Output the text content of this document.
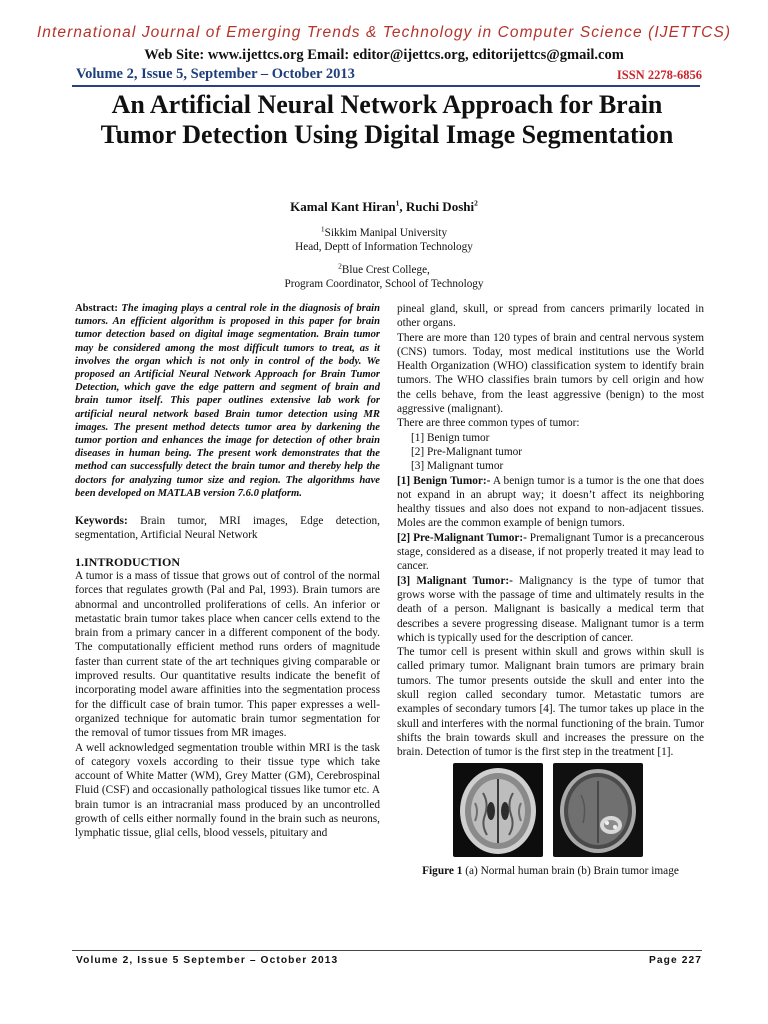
International Journal of Emerging Trends & Technology in Computer Science (IJETTCS)
Web Site: www.ijettcs.org Email: editor@ijettcs.org, editorijettcs@gmail.com
Volume 2, Issue 5, September – October 2013	ISSN 2278-6856
An Artificial Neural Network Approach for Brain Tumor Detection Using Digital Image Segmentation
Kamal Kant Hiran$^1$, Ruchi Doshi$^2$
$^1$Sikkim Manipal University
Head, Deptt of Information Technology
$^2$Blue Crest College,
Program Coordinator, School of Technology

Abstract: The imaging plays a central role in the diagnosis of brain tumors. An efficient algorithm is proposed in this paper for brain tumor detection based on digital image segmentation. Brain tumor may be considered among the most difficult tumors to treat, as it involves the organ which is not only in control of the body. We proposed an Artificial Neural Network Approach for Brain Tumor Detection, which gave the edge pattern and segment of brain and brain tumor itself. This paper outlines extensive lab work for artificial neural network based Brain tumor detection using MR images. The present method detects tumor area by darkening the tumor portion and enhances the image for detection of other brain diseases in human being. The present work demonstrates that the method can successfully detect the brain tumor and thereby help the doctors for analyzing tumor size and region. The algorithms have been developed on MATLAB version 7.6.0 platform.

Keywords: Brain tumor, MRI images, Edge detection, segmentation, Artificial Neural Network

1.INTRODUCTION

A tumor is a mass of tissue that grows out of control of the normal forces that regulates growth (Pal and Pal, 1993). Brain tumors are abnormal and uncontrolled proliferations of cells. An inferior or metastatic brain tumor takes place when cancer cells extend to the brain from a primary cancer in a different component of the body. The computationally efficient method runs orders of magnitude faster than current state of the art techniques giving comparable or improved results. Our quantitative results indicate the benefit of incorporating model aware affinities into the segmentation process for the difficult case of brain tumor. This paper expresses a well-organized technique for automatic brain tumor segmentation for the removal of tumor tissues from MR images.

A well acknowledged segmentation trouble within MRI is the task of category voxels according to their tissue type which take account of White Matter (WM), Grey Matter (GM), Cerebrospinal Fluid (CSF) and occasionally pathological tissues like tumor etc. A brain tumor is an intracranial mass produced by an uncontrolled growth of cells either normally found in the brain such as neurons, lymphatic tissue, glial cells, blood vessels, pituitary and

pineal gland, skull, or spread from cancers primarily located in other organs.

There are more than 120 types of brain and central nervous system (CNS) tumors. Today, most medical institutions use the World Health Organization (WHO) classification system to identify brain tumors. The WHO classifies brain tumors by cell origin and how the cells behave, from the least aggressive (benign) to the most aggressive (malignant).

There are three common types of tumor:

[1] Benign tumor
[2] Pre-Malignant tumor
[3] Malignant tumor

[1] Benign Tumor:- A benign tumor is a tumor is the one that does not expand in an abrupt way; it doesn’t affect its neighboring healthy tissues and also does not expand to non-adjacent tissues. Moles are the common example of benign tumors.

[2] Pre-Malignant Tumor:- Premalignant Tumor is a precancerous stage, considered as a disease, if not properly treated it may lead to cancer.

[3] Malignant Tumor:- Malignancy is the type of tumor that grows worse with the passage of time and ultimately results in the death of a person. Malignant is basically a medical term that describes a severe progressing disease. Malignant tumor is a term which is typically used for the description of cancer.

The tumor cell is present within skull and grows within skull is called primary tumor. Malignant brain tumors are primary brain tumors. The tumor presents outside the skull and enter into the skull region called secondary tumor. Metastatic tumors are examples of secondary tumors [4]. The tumor takes up place in the skull and interferes with the normal functioning of the brain. Tumor shifts the brain towards skull and increases the pressure on the brain. Detection of tumor is the first step in the treatment [1].

Figure 1 (a) Normal human brain (b) Brain tumor image

Volume 2, Issue 5 September – October 2013	Page 227
